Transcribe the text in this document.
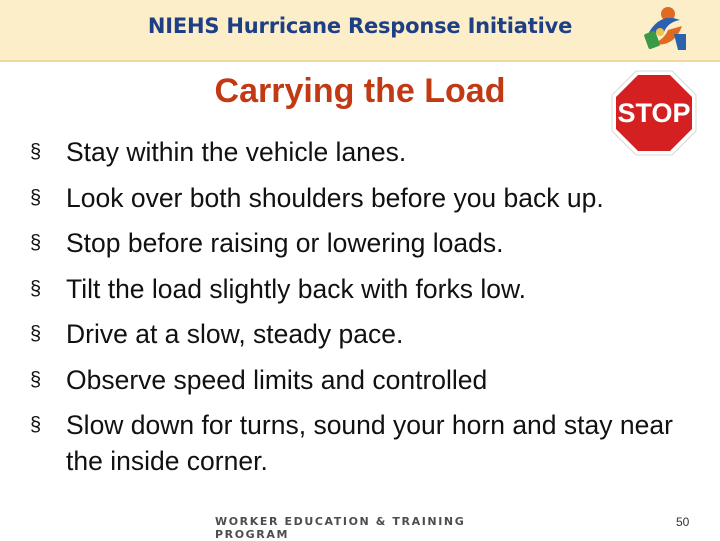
NIEHS Hurricane Response Initiative
Carrying the Load
STOP
§ Stay within the vehicle lanes.
§ Look over both shoulders before you back up.
§ Stop before raising or lowering loads.
§ Tilt the load slightly back with forks low.
§ Drive at a slow, steady pace.
§ Observe speed limits and controlled
§ Slow down for turns, sound your horn and stay near the inside corner.
WORKER EDUCATION & TRAINING PROGRAM
50
